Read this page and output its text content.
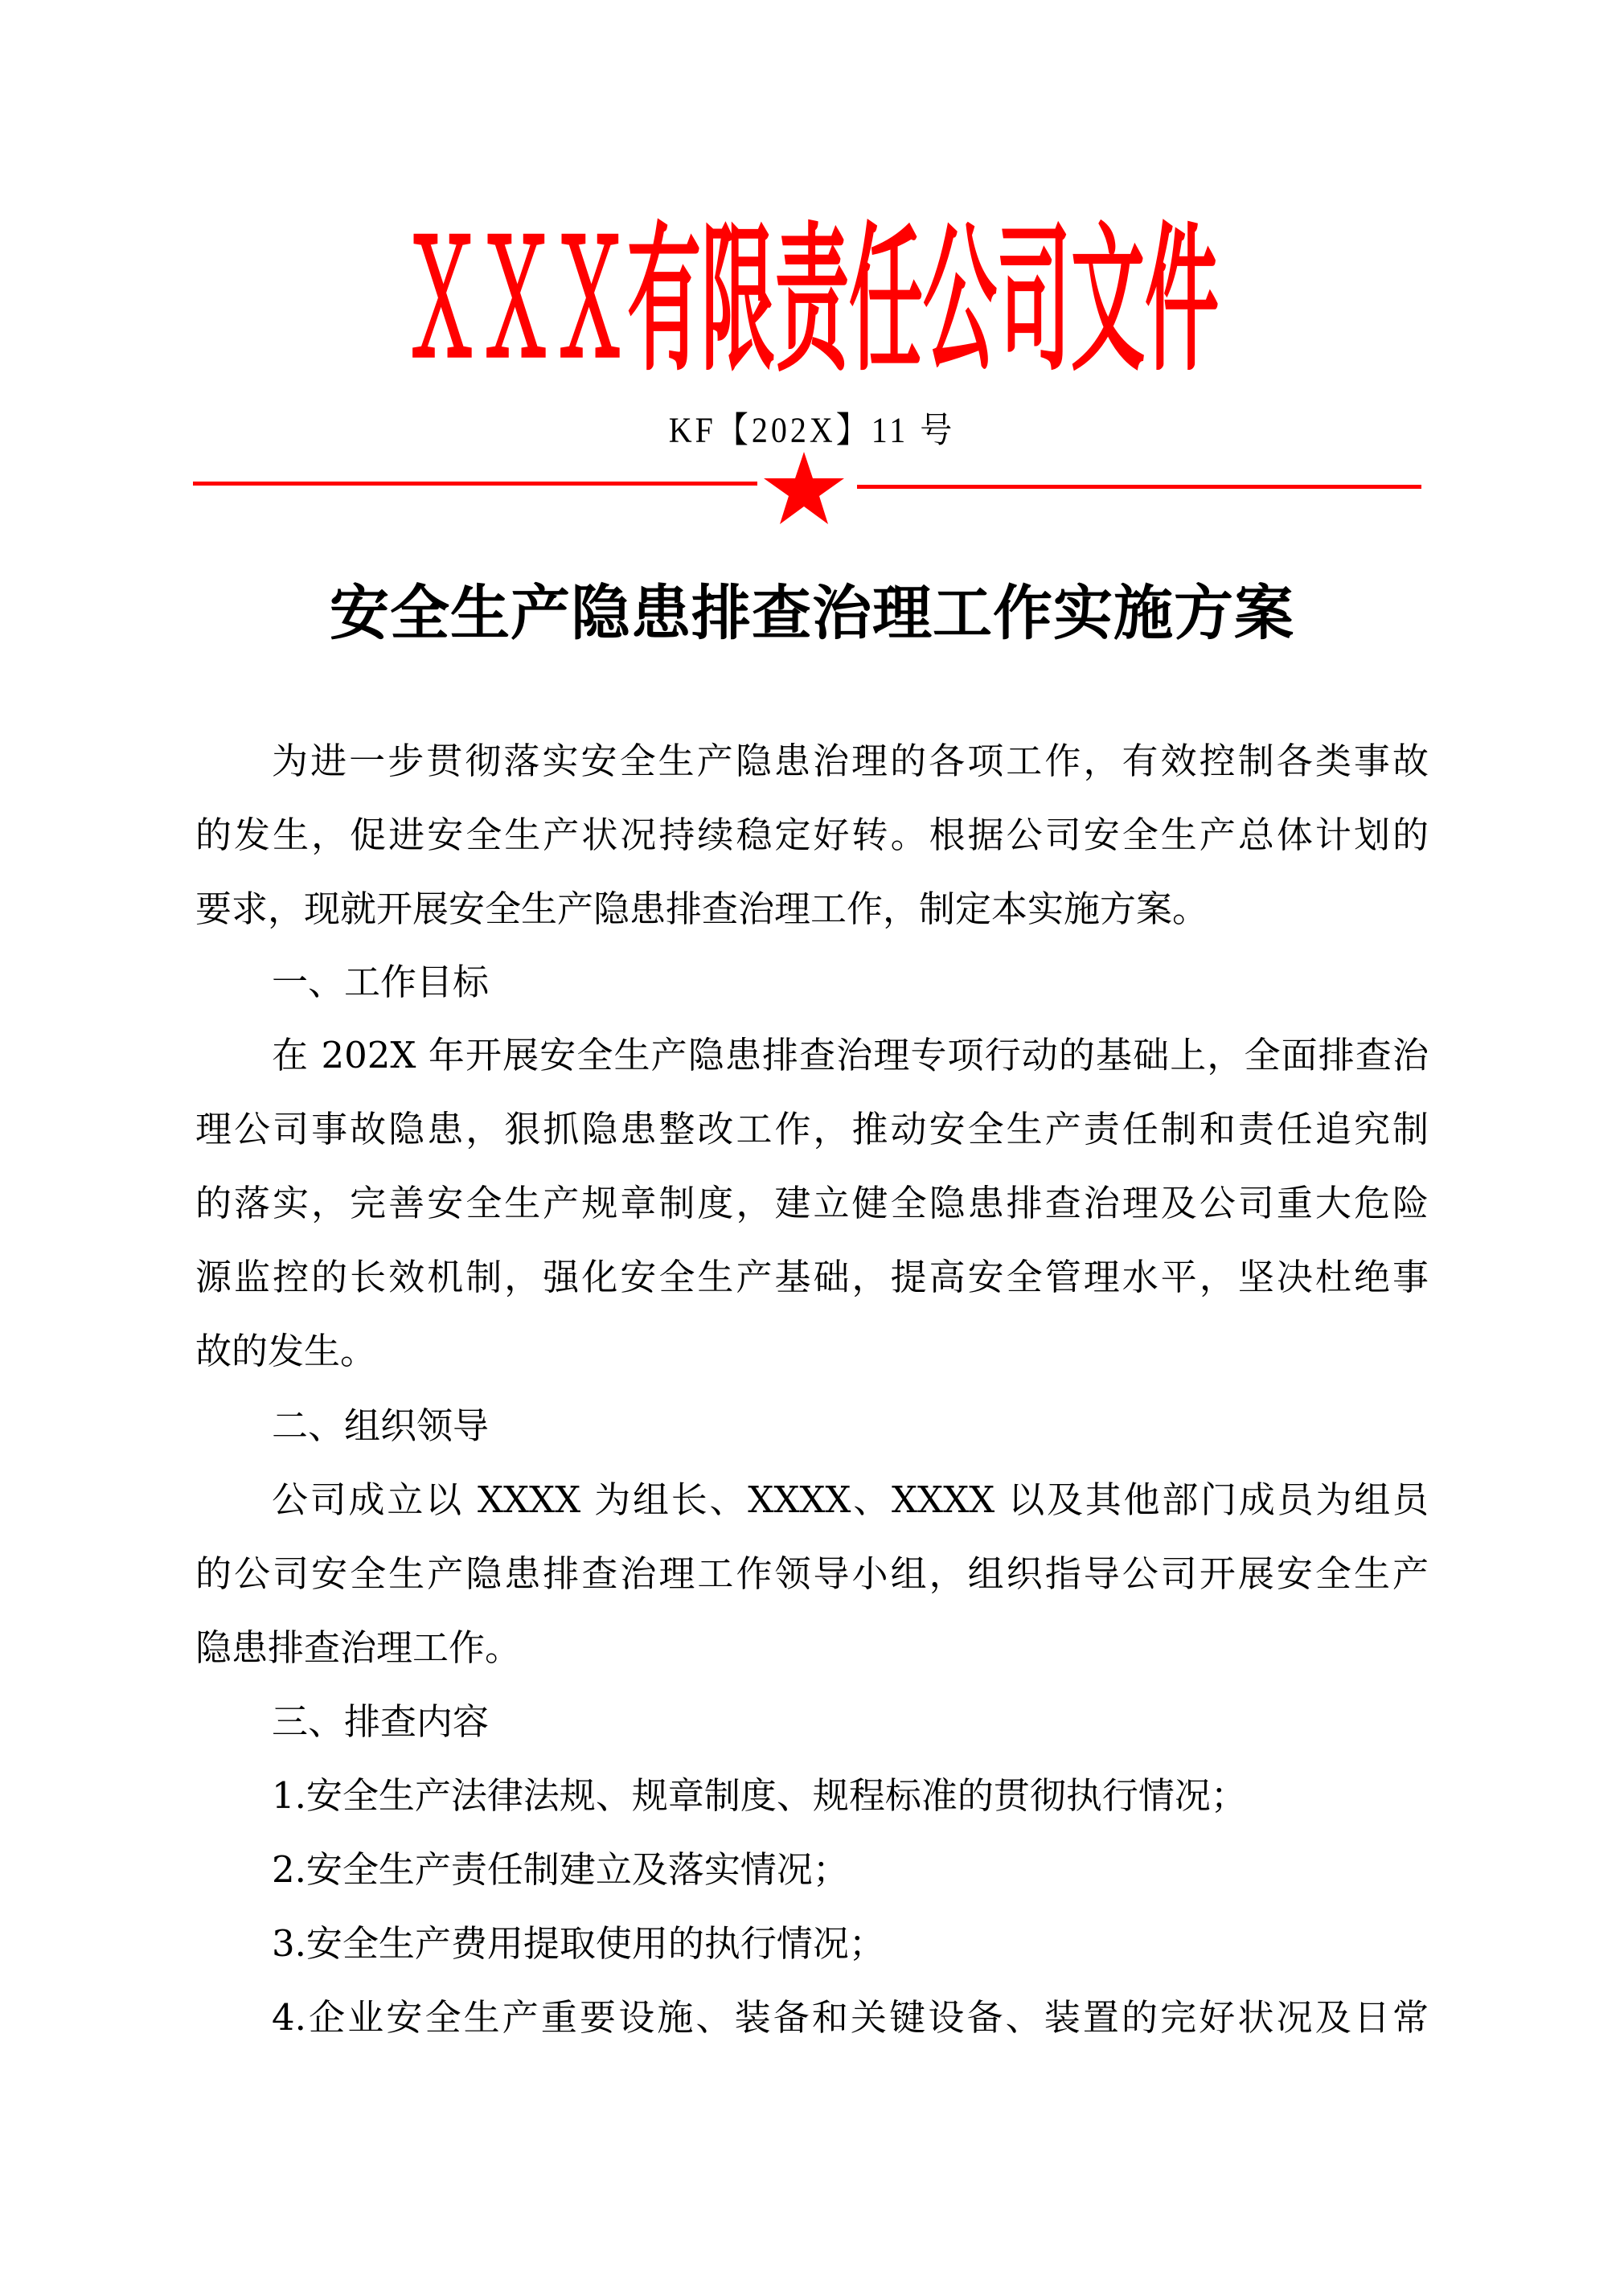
ＸＸＸ有限责任公司文件
KF【202X】11 号
安全生产隐患排查治理工作实施方案
为进一步贯彻落实安全生产隐患治理的各项工作，有效控制各类事故
的发生，促进安全生产状况持续稳定好转。根据公司安全生产总体计划的
要求，现就开展安全生产隐患排查治理工作，制定本实施方案。
一、工作目标
在 202X 年开展安全生产隐患排查治理专项行动的基础上，全面排查治
理公司事故隐患，狠抓隐患整改工作，推动安全生产责任制和责任追究制
的落实，完善安全生产规章制度，建立健全隐患排查治理及公司重大危险
源监控的长效机制，强化安全生产基础，提高安全管理水平，坚决杜绝事
故的发生。
二、组织领导
公司成立以 XXXX 为组长、XXXX、XXXX 以及其他部门成员为组员
的公司安全生产隐患排查治理工作领导小组，组织指导公司开展安全生产
隐患排查治理工作。
三、排查内容
1.安全生产法律法规、规章制度、规程标准的贯彻执行情况；
2.安全生产责任制建立及落实情况；
3.安全生产费用提取使用的执行情况；
4.企业安全生产重要设施、装备和关键设备、装置的完好状况及日常
